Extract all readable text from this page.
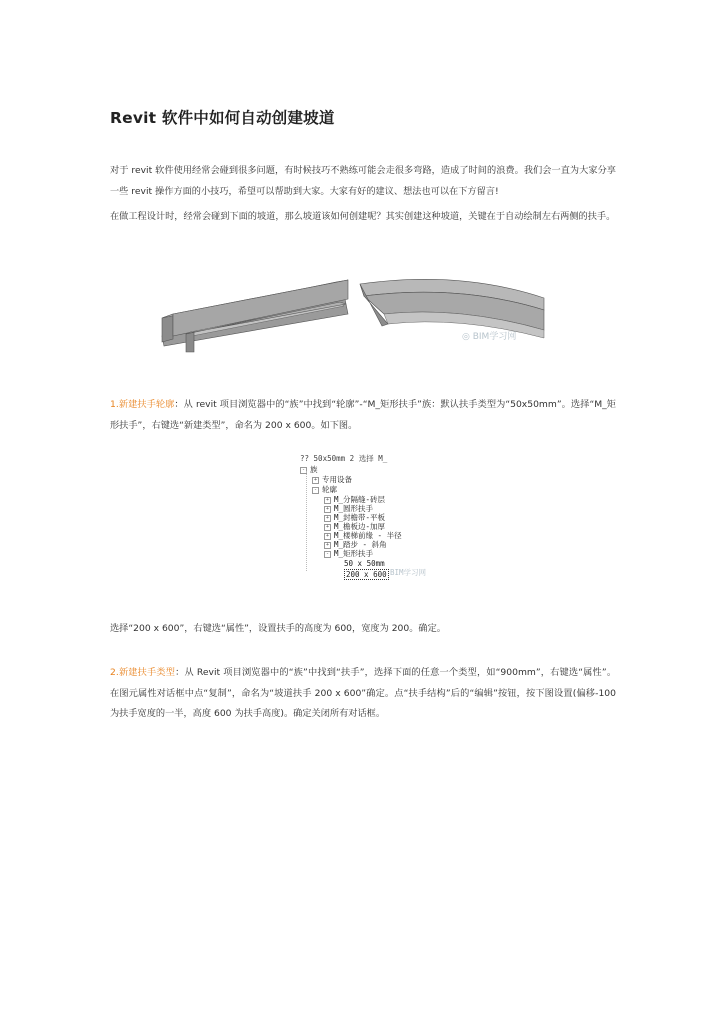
Revit 软件中如何自动创建坡道

对于 revit 软件使用经常会碰到很多问题，有时候技巧不熟练可能会走很多弯路，造成了时间的浪费。我们会一直为大家分享一些 revit 操作方面的小技巧，希望可以帮助到大家。大家有好的建议、想法也可以在下方留言!

在做工程设计时，经常会碰到下面的坡道，那么坡道该如何创建呢？其实创建这种坡道，关键在于自动绘制左右两侧的扶手。

◎ BIM学习网

1.新建扶手轮廓：从 revit 项目浏览器中的“族”中找到“轮廓”-“M_矩形扶手”族：默认扶手类型为“50x50mm”。选择“M_矩形扶手”，右键选“新建类型”，命名为 200 x 600。如下图。

?? 50x50mm 2 选择 M_
- 族
+ 专用设备
- 轮廓
+ M_分隔缝-砖层
+ M_圆形扶手
+ M_封檐带-平板
+ M_檐板边-加厚
+ M_楼梯前缘 - 半径
+ M_踏步 - 斜角
- M_矩形扶手
50 x 50mm
200 x 600 BIM学习网

选择“200 x 600”，右键选“属性”，设置扶手的高度为 600，宽度为 200。确定。

2.新建扶手类型：从 Revit 项目浏览器中的“族”中找到“扶手”，选择下面的任意一个类型，如“900mm”，右键选“属性”。在图元属性对话框中点“复制”，命名为“坡道扶手 200 x 600”确定。点“扶手结构”后的“编辑”按钮，按下图设置(偏移-100 为扶手宽度的一半，高度 600 为扶手高度)。确定关闭所有对话框。
